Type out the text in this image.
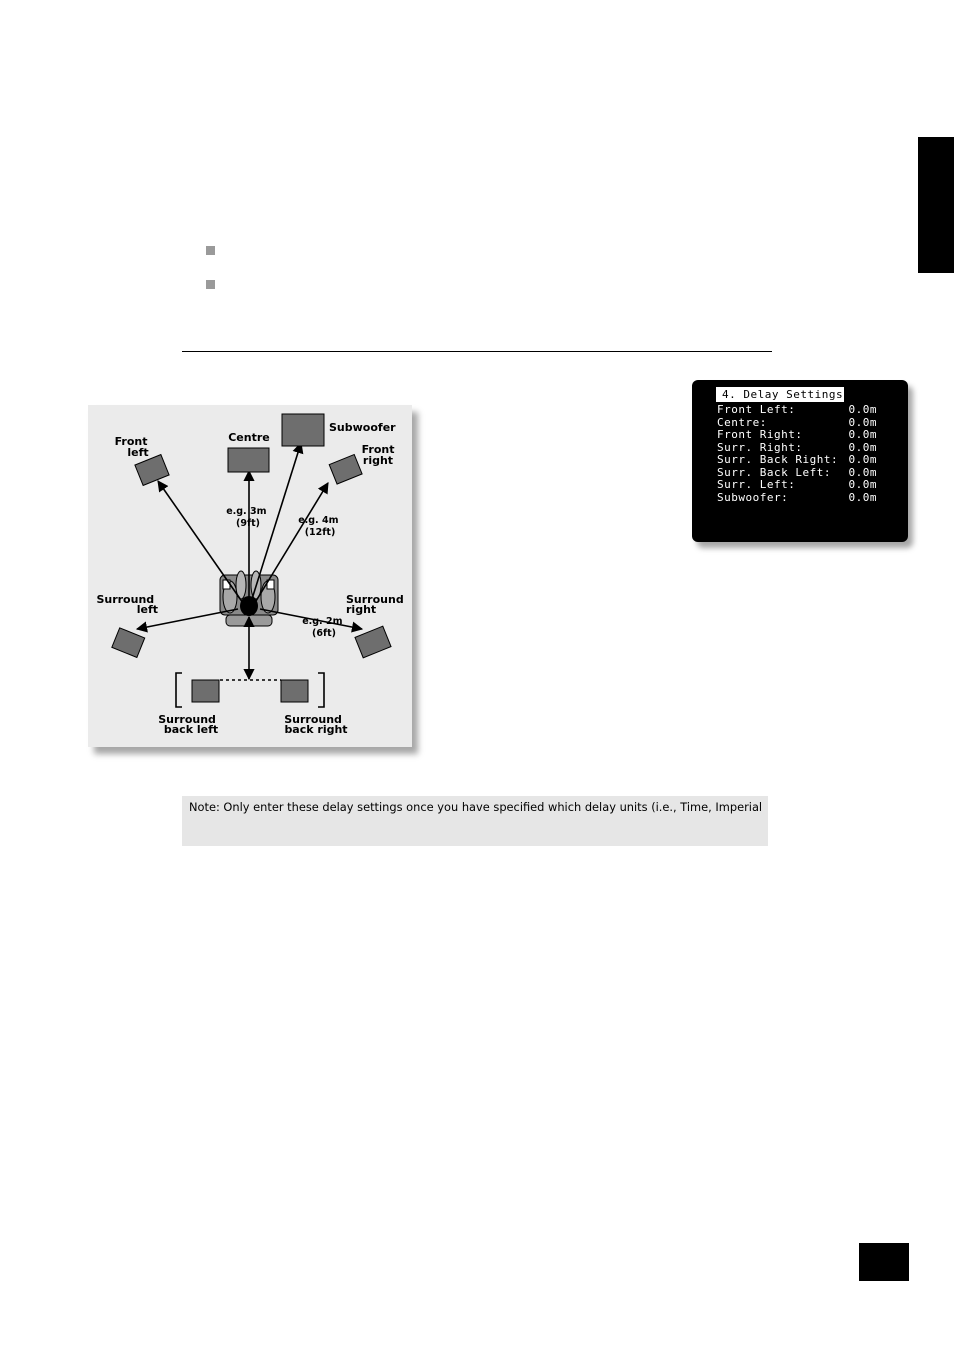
Front left
Centre
Subwoofer
Front right
Surround left
Surround right
Surround back left
Surround back right
e.g. 3m (9ft)	e.g. 4m (12ft)
e.g. 2m (6ft)
4. Delay Settings
Front Left:	0.0m
Centre:	0.0m
Front Right:	0.0m
Surr. Right:	0.0m
Surr. Back Right: 0.0m
Surr. Back Left: 0.0m
Surr. Left:	0.0m
Subwoofer:	0.0m
Note: Only enter these delay settings once you have specified which delay units (i.e., Time, Imperial
